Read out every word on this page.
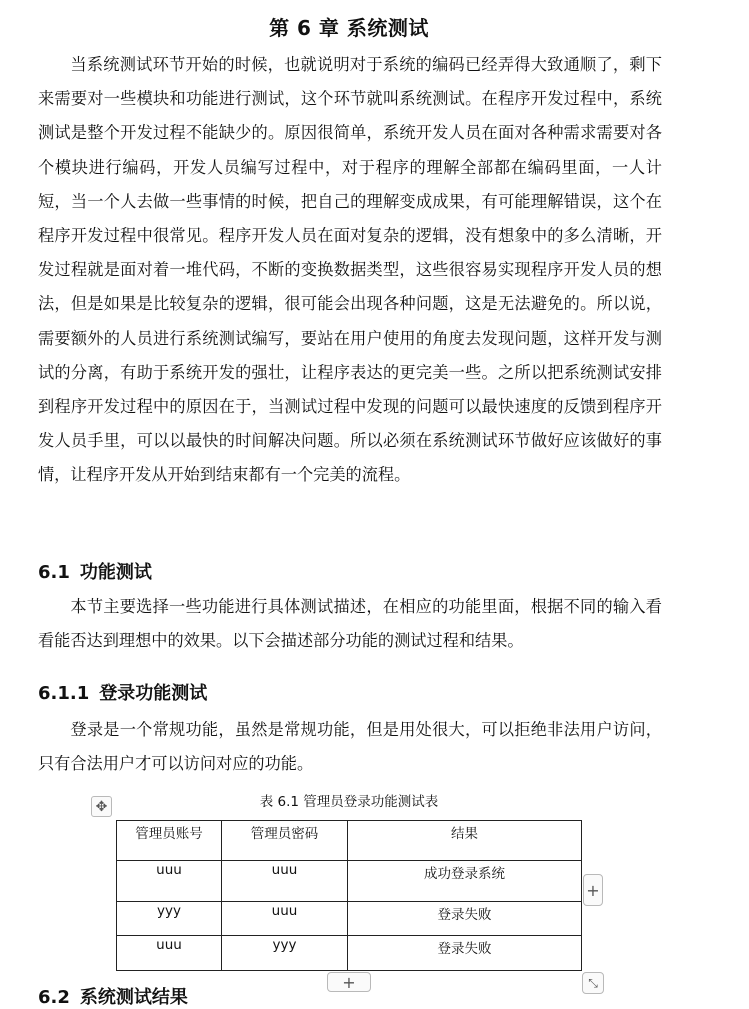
第 6 章 系统测试

当系统测试环节开始的时候，也就说明对于系统的编码已经弄得大致通顺了，剩下来需要对一些模块和功能进行测试，这个环节就叫系统测试。在程序开发过程中，系统测试是整个开发过程不能缺少的。原因很简单，系统开发人员在面对各种需求需要对各个模块进行编码，开发人员编写过程中，对于程序的理解全部都在编码里面，一人计短，当一个人去做一些事情的时候，把自己的理解变成成果，有可能理解错误，这个在程序开发过程中很常见。程序开发人员在面对复杂的逻辑，没有想象中的多么清晰，开发过程就是面对着一堆代码，不断的变换数据类型，这些很容易实现程序开发人员的想法，但是如果是比较复杂的逻辑，很可能会出现各种问题，这是无法避免的。所以说，需要额外的人员进行系统测试编写，要站在用户使用的角度去发现问题，这样开发与测试的分离，有助于系统开发的强壮，让程序表达的更完美一些。之所以把系统测试安排到程序开发过程中的原因在于，当测试过程中发现的问题可以最快速度的反馈到程序开发人员手里，可以以最快的时间解决问题。所以必须在系统测试环节做好应该做好的事情，让程序开发从开始到结束都有一个完美的流程。

6.1 功能测试

本节主要选择一些功能进行具体测试描述，在相应的功能里面，根据不同的输入看看能否达到理想中的效果。以下会描述部分功能的测试过程和结果。

6.1.1 登录功能测试

登录是一个常规功能，虽然是常规功能，但是用处很大，可以拒绝非法用户访问，只有合法用户才可以访问对应的功能。

表 6.1 管理员登录功能测试表
✥
管理员账号	管理员密码	结果
uuu	uuu	成功登录系统
yyy	uuu	登录失败
uuu	yyy	登录失败
+
+	⤡
6.2 系统测试结果
